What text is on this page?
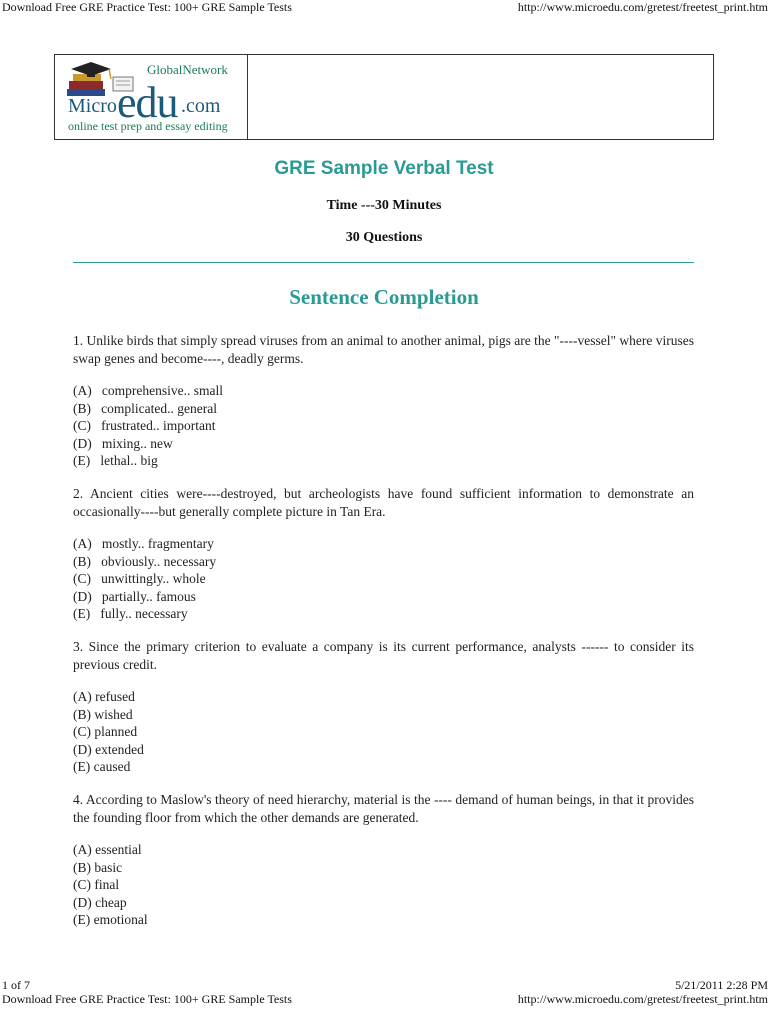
Download Free GRE Practice Test: 100+ GRE Sample Tests	http://www.microedu.com/gretest/freetest_print.htm
GlobalNetwork
Micro edu .com
online test prep and essay editing
GRE Sample Verbal Test
Time ---30 Minutes
30 Questions
Sentence Completion
1. Unlike birds that simply spread viruses from an animal to another animal, pigs are the "----vessel" where viruses swap genes and become----, deadly germs.
(A)   comprehensive.. small
(B)   complicated.. general
(C)   frustrated.. important
(D)   mixing.. new
(E)   lethal.. big
2. Ancient cities were----destroyed, but archeologists have found sufficient information to demonstrate an occasionally----but generally complete picture in Tan Era.
(A)   mostly.. fragmentary
(B)   obviously.. necessary
(C)   unwittingly.. whole
(D)   partially.. famous
(E)   fully.. necessary
3. Since the primary criterion to evaluate a company is its current performance, analysts ------ to consider its previous credit.
(A) refused
(B) wished
(C) planned
(D) extended
(E) caused
4. According to Maslow's theory of need hierarchy, material is the ---- demand of human beings, in that it provides the founding floor from which the other demands are generated.
(A) essential
(B) basic
(C) final
(D) cheap
(E) emotional
1 of 7	5/21/2011 2:28 PM
Download Free GRE Practice Test: 100+ GRE Sample Tests	http://www.microedu.com/gretest/freetest_print.htm
